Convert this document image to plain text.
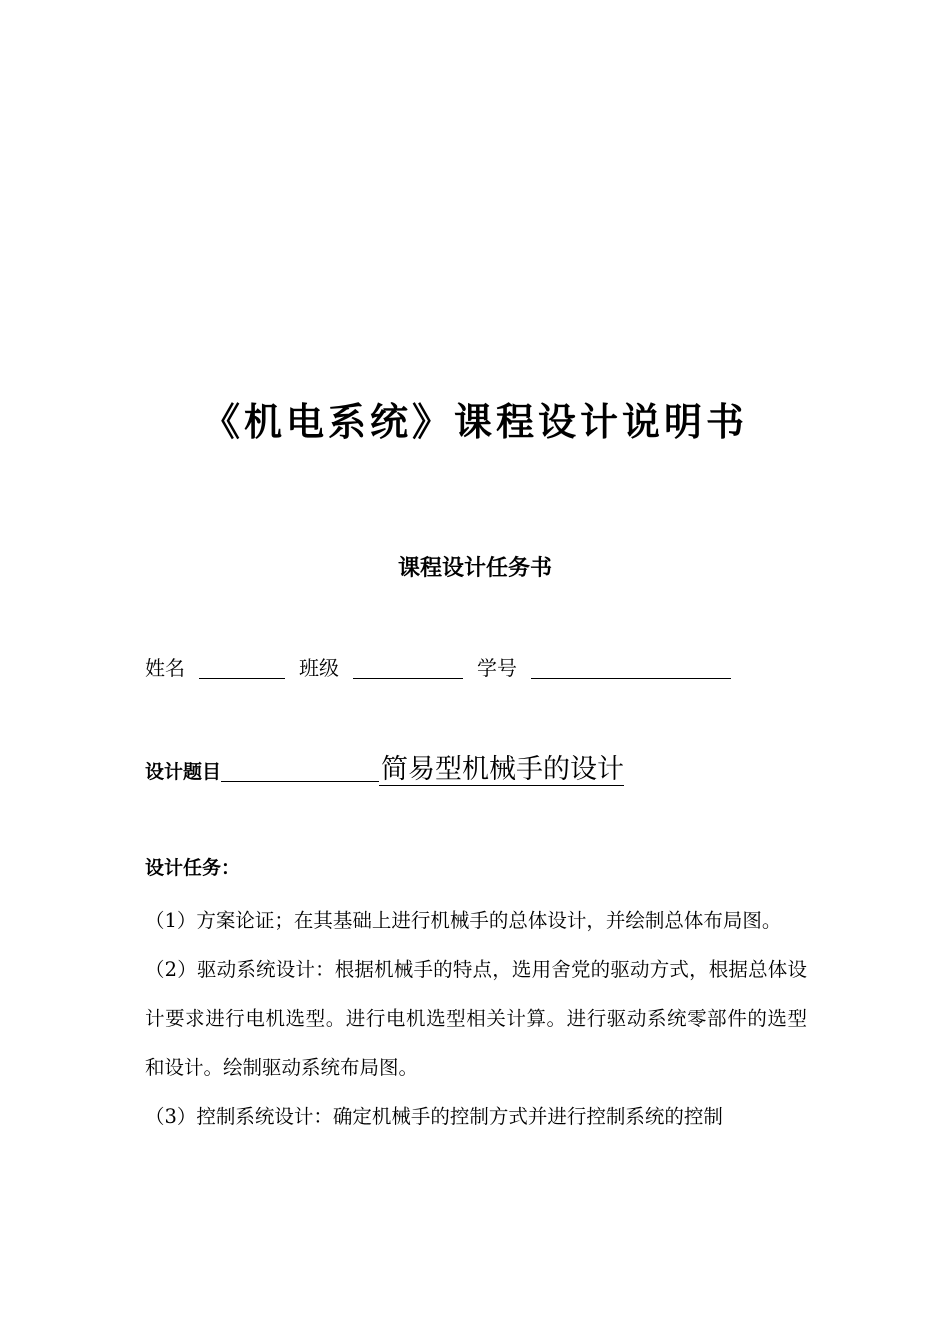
《机电系统》课程设计说明书
课程设计任务书
姓名	班级	学号
设计题目	简易型机械手的设计
设计任务：

（1）方案论证；在其基础上进行机械手的总体设计，并绘制总体布局图。

（2）驱动系统设计：根据机械手的特点，选用舍党的驱动方式，根据总体设计要求进行电机选型。进行电机选型相关计算。进行驱动系统零部件的选型和设计。绘制驱动系统布局图。

（3）控制系统设计：确定机械手的控制方式并进行控制系统的控制
